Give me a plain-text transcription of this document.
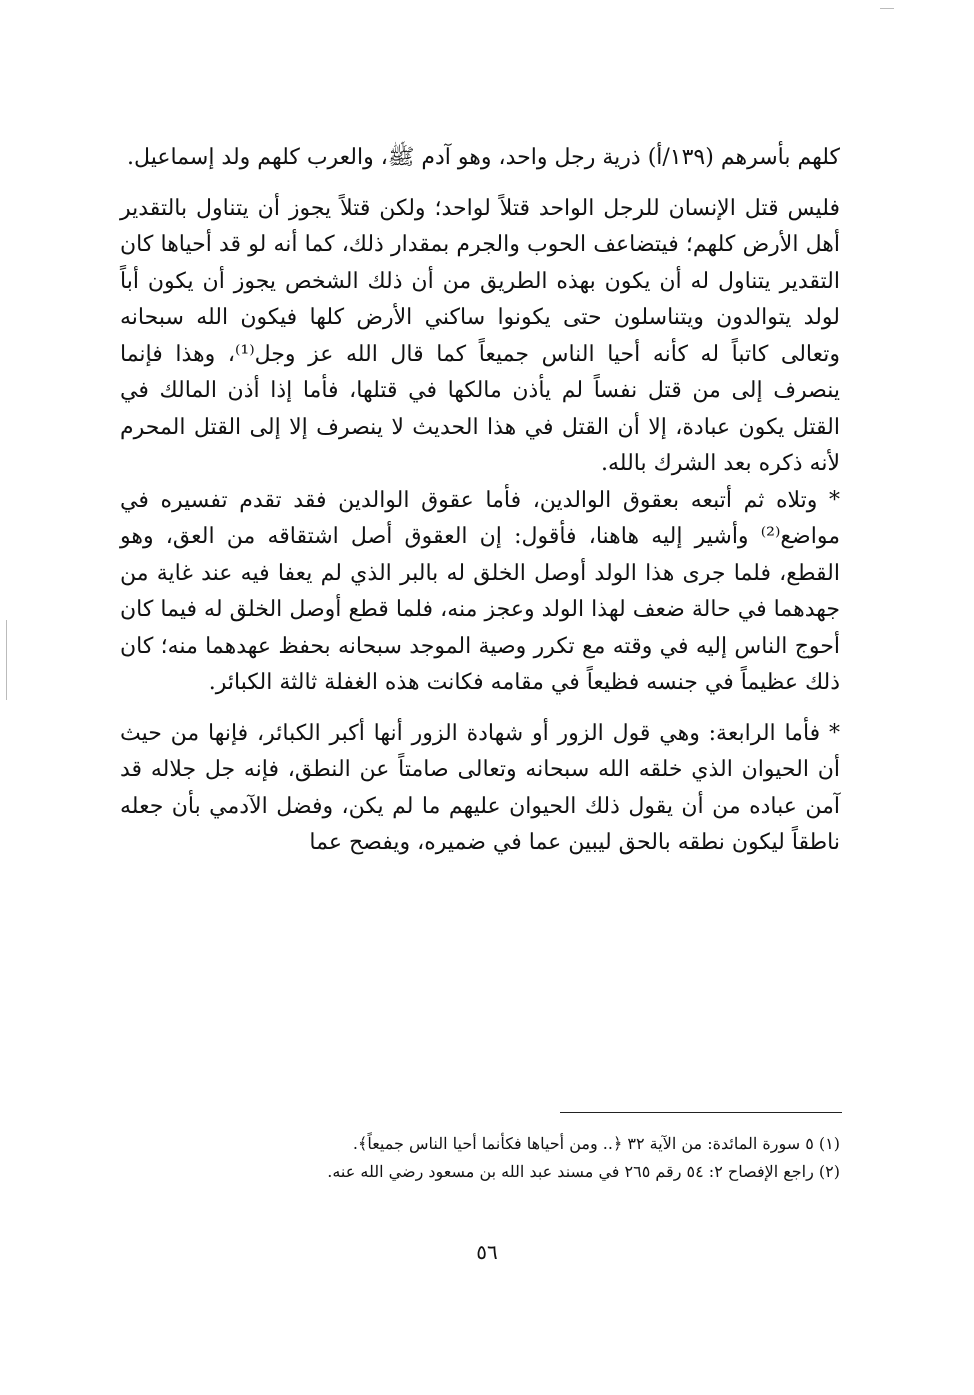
كلهم بأسرهم (١٣٩/أ) ذرية رجل واحد، وهو آدم ﷺ، والعرب كلهم ولد إسماعيل.

فليس قتل الإنسان للرجل الواحد قتلاً لواحد؛ ولكن قتلاً يجوز أن يتناول بالتقدير أهل الأرض كلهم؛ فيتضاعف الحوب والجرم بمقدار ذلك، كما أنه لو قد أحياها كان التقدير يتناول له أن يكون بهذه الطريق من أن ذلك الشخص يجوز أن يكون أباً لولد يتوالدون ويتناسلون حتى يكونوا ساكني الأرض كلها فيكون الله سبحانه وتعالى كاتباً له كأنه أحيا الناس جميعاً كما قال الله عز وجل⁽¹⁾، وهذا فإنما ينصرف إلى من قتل نفساً لم يأذن مالكها في قتلها، فأما إذا أذن المالك في القتل يكون عبادة، إلا أن القتل في هذا الحديث لا ينصرف إلا إلى القتل المحرم لأنه ذكره بعد الشرك بالله.

* وتلاه ثم أتبعه بعقوق الوالدين، فأما عقوق الوالدين فقد تقدم تفسيره في مواضع⁽²⁾ وأشير إليه هاهنا، فأقول: إن العقوق أصل اشتقاقه من العق، وهو القطع، فلما جرى هذا الولد أوصل الخلق له بالبر الذي لم يعفا فيه عند غاية من جهدهما في حالة ضعف لهذا الولد وعجز منه، فلما قطع أوصل الخلق له فيما كان أحوج الناس إليه في وقته مع تكرر وصية الموجد سبحانه بحفظ عهدهما منه؛ كان ذلك عظيماً في جنسه فظيعاً في مقامه فكانت هذه الغفلة ثالثة الكبائر.

* فأما الرابعة: وهي قول الزور أو شهادة الزور أنها أكبر الكبائر، فإنها من حيث أن الحيوان الذي خلقه الله سبحانه وتعالى صامتاً عن النطق، فإنه جل جلاله قد آمن عباده من أن يقول ذلك الحيوان عليهم ما لم يكن، وفضل الآدمي بأن جعله ناطقاً ليكون نطقه بالحق ليبين عما في ضميره، ويفصح عما

(١) ٥ سورة المائدة: من الآية ٣٢ ﴿.. ومن أحياها فكأنما أحيا الناس جميعاً﴾.

(٢) راجع الإفصاح ٢: ٥٤ رقم ٢٦٥ في مسند عبد الله بن مسعود رضي الله عنه.

٥٦
